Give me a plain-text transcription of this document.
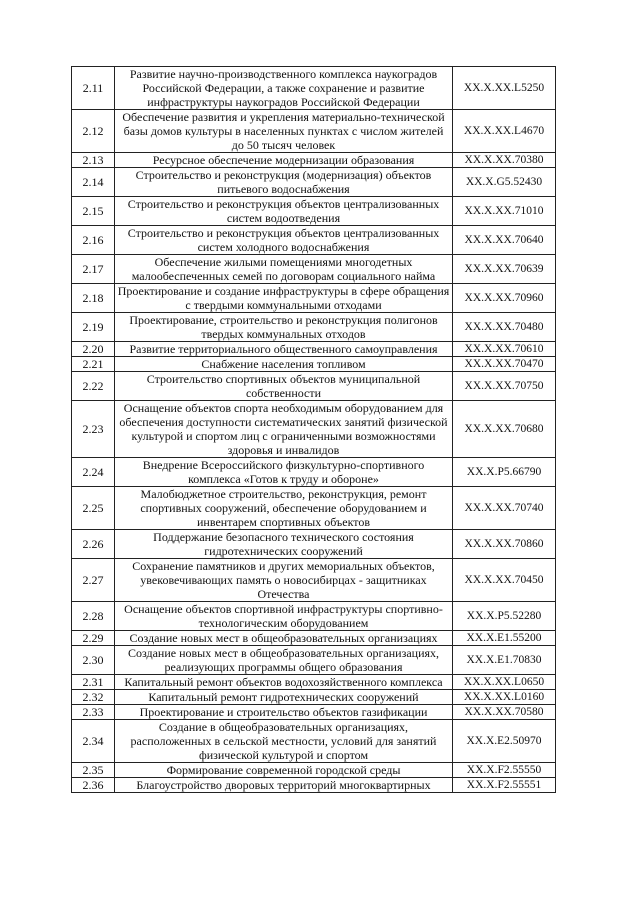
2.11	Развитие научно-производственного комплекса наукоградов Российской Федерации, а также сохранение и развитие инфраструктуры наукоградов Российской Федерации	XX.X.XX.L5250
2.12	Обеспечение развития и укрепления материально-технической базы домов культуры в населенных пунктах с числом жителей до 50 тысяч человек	XX.X.XX.L4670
2.13	Ресурсное обеспечение модернизации образования	XX.X.XX.70380
2.14	Строительство и реконструкция (модернизация) объектов питьевого водоснабжения	XX.X.G5.52430
2.15	Строительство и реконструкция объектов централизованных систем водоотведения	XX.X.XX.71010
2.16	Строительство и реконструкция объектов централизованных систем холодного водоснабжения	XX.X.XX.70640
2.17	Обеспечение жилыми помещениями многодетных малообеспеченных семей по договорам социального найма	XX.X.XX.70639
2.18	Проектирование и создание инфраструктуры в сфере обращения с твердыми коммунальными отходами	XX.X.XX.70960
2.19	Проектирование, строительство и реконструкция полигонов твердых коммунальных отходов	XX.X.XX.70480
2.20	Развитие территориального общественного самоуправления	XX.X.XX.70610
2.21	Снабжение населения топливом	XX.X.XX.70470
2.22	Строительство спортивных объектов муниципальной собственности	XX.X.XX.70750
2.23	Оснащение объектов спорта необходимым оборудованием для обеспечения доступности систематических занятий физической культурой и спортом лиц с ограниченными возможностями здоровья и инвалидов	XX.X.XX.70680
2.24	Внедрение Всероссийского физкультурно-спортивного комплекса «Готов к труду и обороне»	XX.X.P5.66790
2.25	Малобюджетное строительство, реконструкция, ремонт спортивных сооружений, обеспечение оборудованием и инвентарем спортивных объектов	XX.X.XX.70740
2.26	Поддержание безопасного технического состояния гидротехнических сооружений	XX.X.XX.70860
2.27	Сохранение памятников и других мемориальных объектов, увековечивающих память о новосибирцах - защитниках Отечества	XX.X.XX.70450
2.28	Оснащение объектов спортивной инфраструктуры спортивно-технологическим оборудованием	XX.X.P5.52280
2.29	Создание новых мест в общеобразовательных организациях	XX.X.E1.55200
2.30	Создание новых мест в общеобразовательных организациях, реализующих программы общего образования	XX.X.E1.70830
2.31	Капитальный ремонт объектов водохозяйственного комплекса	XX.X.XX.L0650
2.32	Капитальный ремонт гидротехнических сооружений	XX.X.XX.L0160
2.33	Проектирование и строительство объектов газификации	XX.X.XX.70580
2.34	Создание в общеобразовательных организациях, расположенных в сельской местности, условий для занятий физической культурой и спортом	XX.X.E2.50970
2.35	Формирование современной городской среды	XX.X.F2.55550
2.36	Благоустройство дворовых территорий многоквартирных	XX.X.F2.55551
